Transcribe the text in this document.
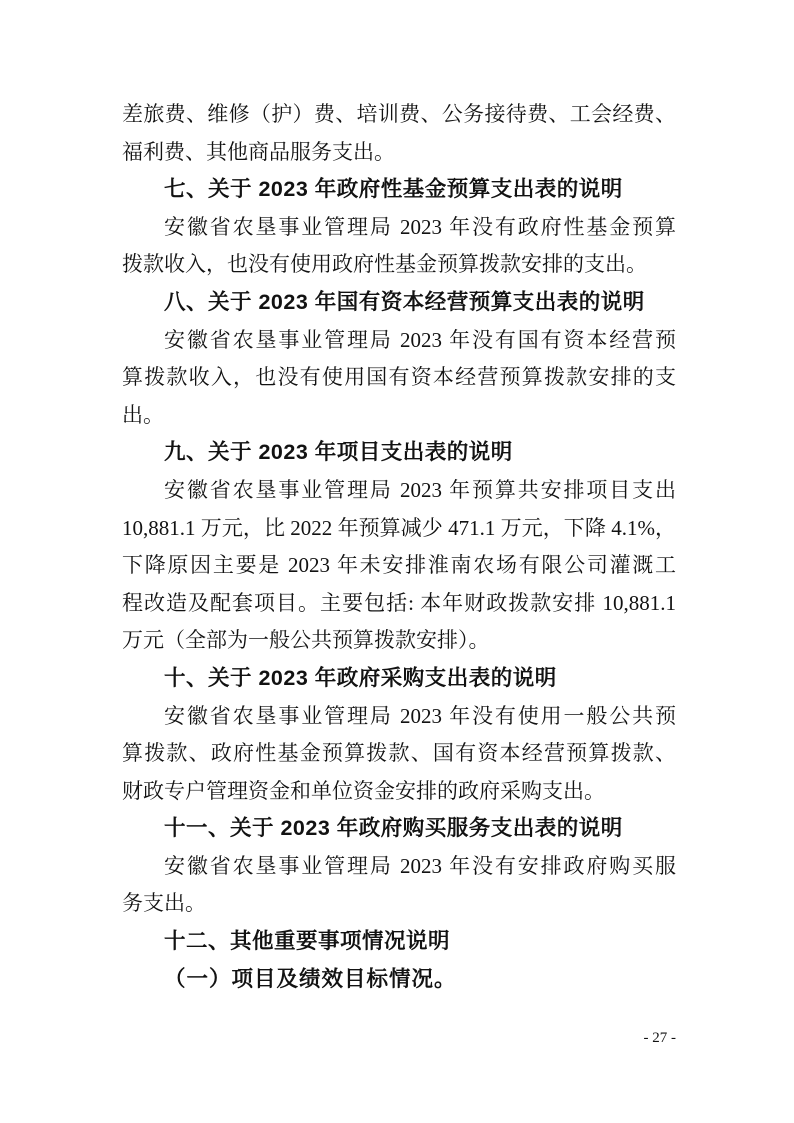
差旅费、维修（护）费、培训费、公务接待费、工会经费、
福利费、其他商品服务支出。
七、关于 2023 年政府性基金预算支出表的说明
安徽省农垦事业管理局 2023 年没有政府性基金预算
拨款收入，也没有使用政府性基金预算拨款安排的支出。
八、关于 2023 年国有资本经营预算支出表的说明
安徽省农垦事业管理局 2023 年没有国有资本经营预
算拨款收入，也没有使用国有资本经营预算拨款安排的支
出。
九、关于 2023 年项目支出表的说明
安徽省农垦事业管理局 2023 年预算共安排项目支出
10,881.1 万元，比 2022 年预算减少 471.1 万元，下降 4.1%，
下降原因主要是 2023 年未安排淮南农场有限公司灌溉工
程改造及配套项目。主要包括: 本年财政拨款安排 10,881.1
万元（全部为一般公共预算拨款安排）。
十、关于 2023 年政府采购支出表的说明
安徽省农垦事业管理局 2023 年没有使用一般公共预
算拨款、政府性基金预算拨款、国有资本经营预算拨款、
财政专户管理资金和单位资金安排的政府采购支出。
十一、关于 2023 年政府购买服务支出表的说明
安徽省农垦事业管理局 2023 年没有安排政府购买服
务支出。
十二、其他重要事项情况说明
（一）项目及绩效目标情况。
- 27 -
